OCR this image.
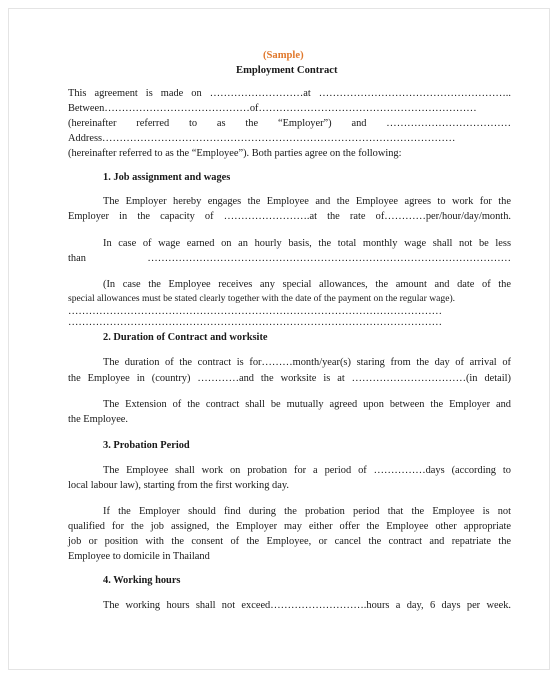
(Sample)
Employment Contract
This agreement is made on ………………………at ………………………………………………..
Between……………………………………of………………………………………………………
(hereinafter referred to as the “Employer”) and ………………………………
Address…………………………………………………………………………………………
(hereinafter referred to as the “Employee”). Both parties agree on the following:
1. Job assignment and wages
The Employer hereby engages the Employee and the Employee agrees to work for the
Employer in the capacity of …………………….at the rate of…………per/hour/day/month.
In case of wage earned on an hourly basis, the total monthly wage shall not be less
than ……………………………………………………………………………………………
(In case the Employee receives any special allowances, the amount and date of the
special allowances must be stated clearly together with the date of the payment on the regular wage).
………………………………………………………………………………………………
………………………………………………………………………………………………
2. Duration of Contract and worksite
The duration of the contract is for………month/year(s) staring from the day of arrival of
the Employee in (country) …………and the worksite is at ……………………………(in detail)
The Extension of the contract shall be mutually agreed upon between the Employer and
the Employee.
3. Probation Period
The Employee shall work on probation for a period of ……………days (according to
local labour law), starting from the first working day.
If the Employer should find during the probation period that the Employee is not
qualified for the job assigned, the Employer may either offer the Employee other appropriate
job or position with the consent of the Employee, or cancel the contract and repatriate the
Employee to domicile in Thailand
4. Working hours
The working hours shall not exceed……………………….hours a day, 6 days per week.
